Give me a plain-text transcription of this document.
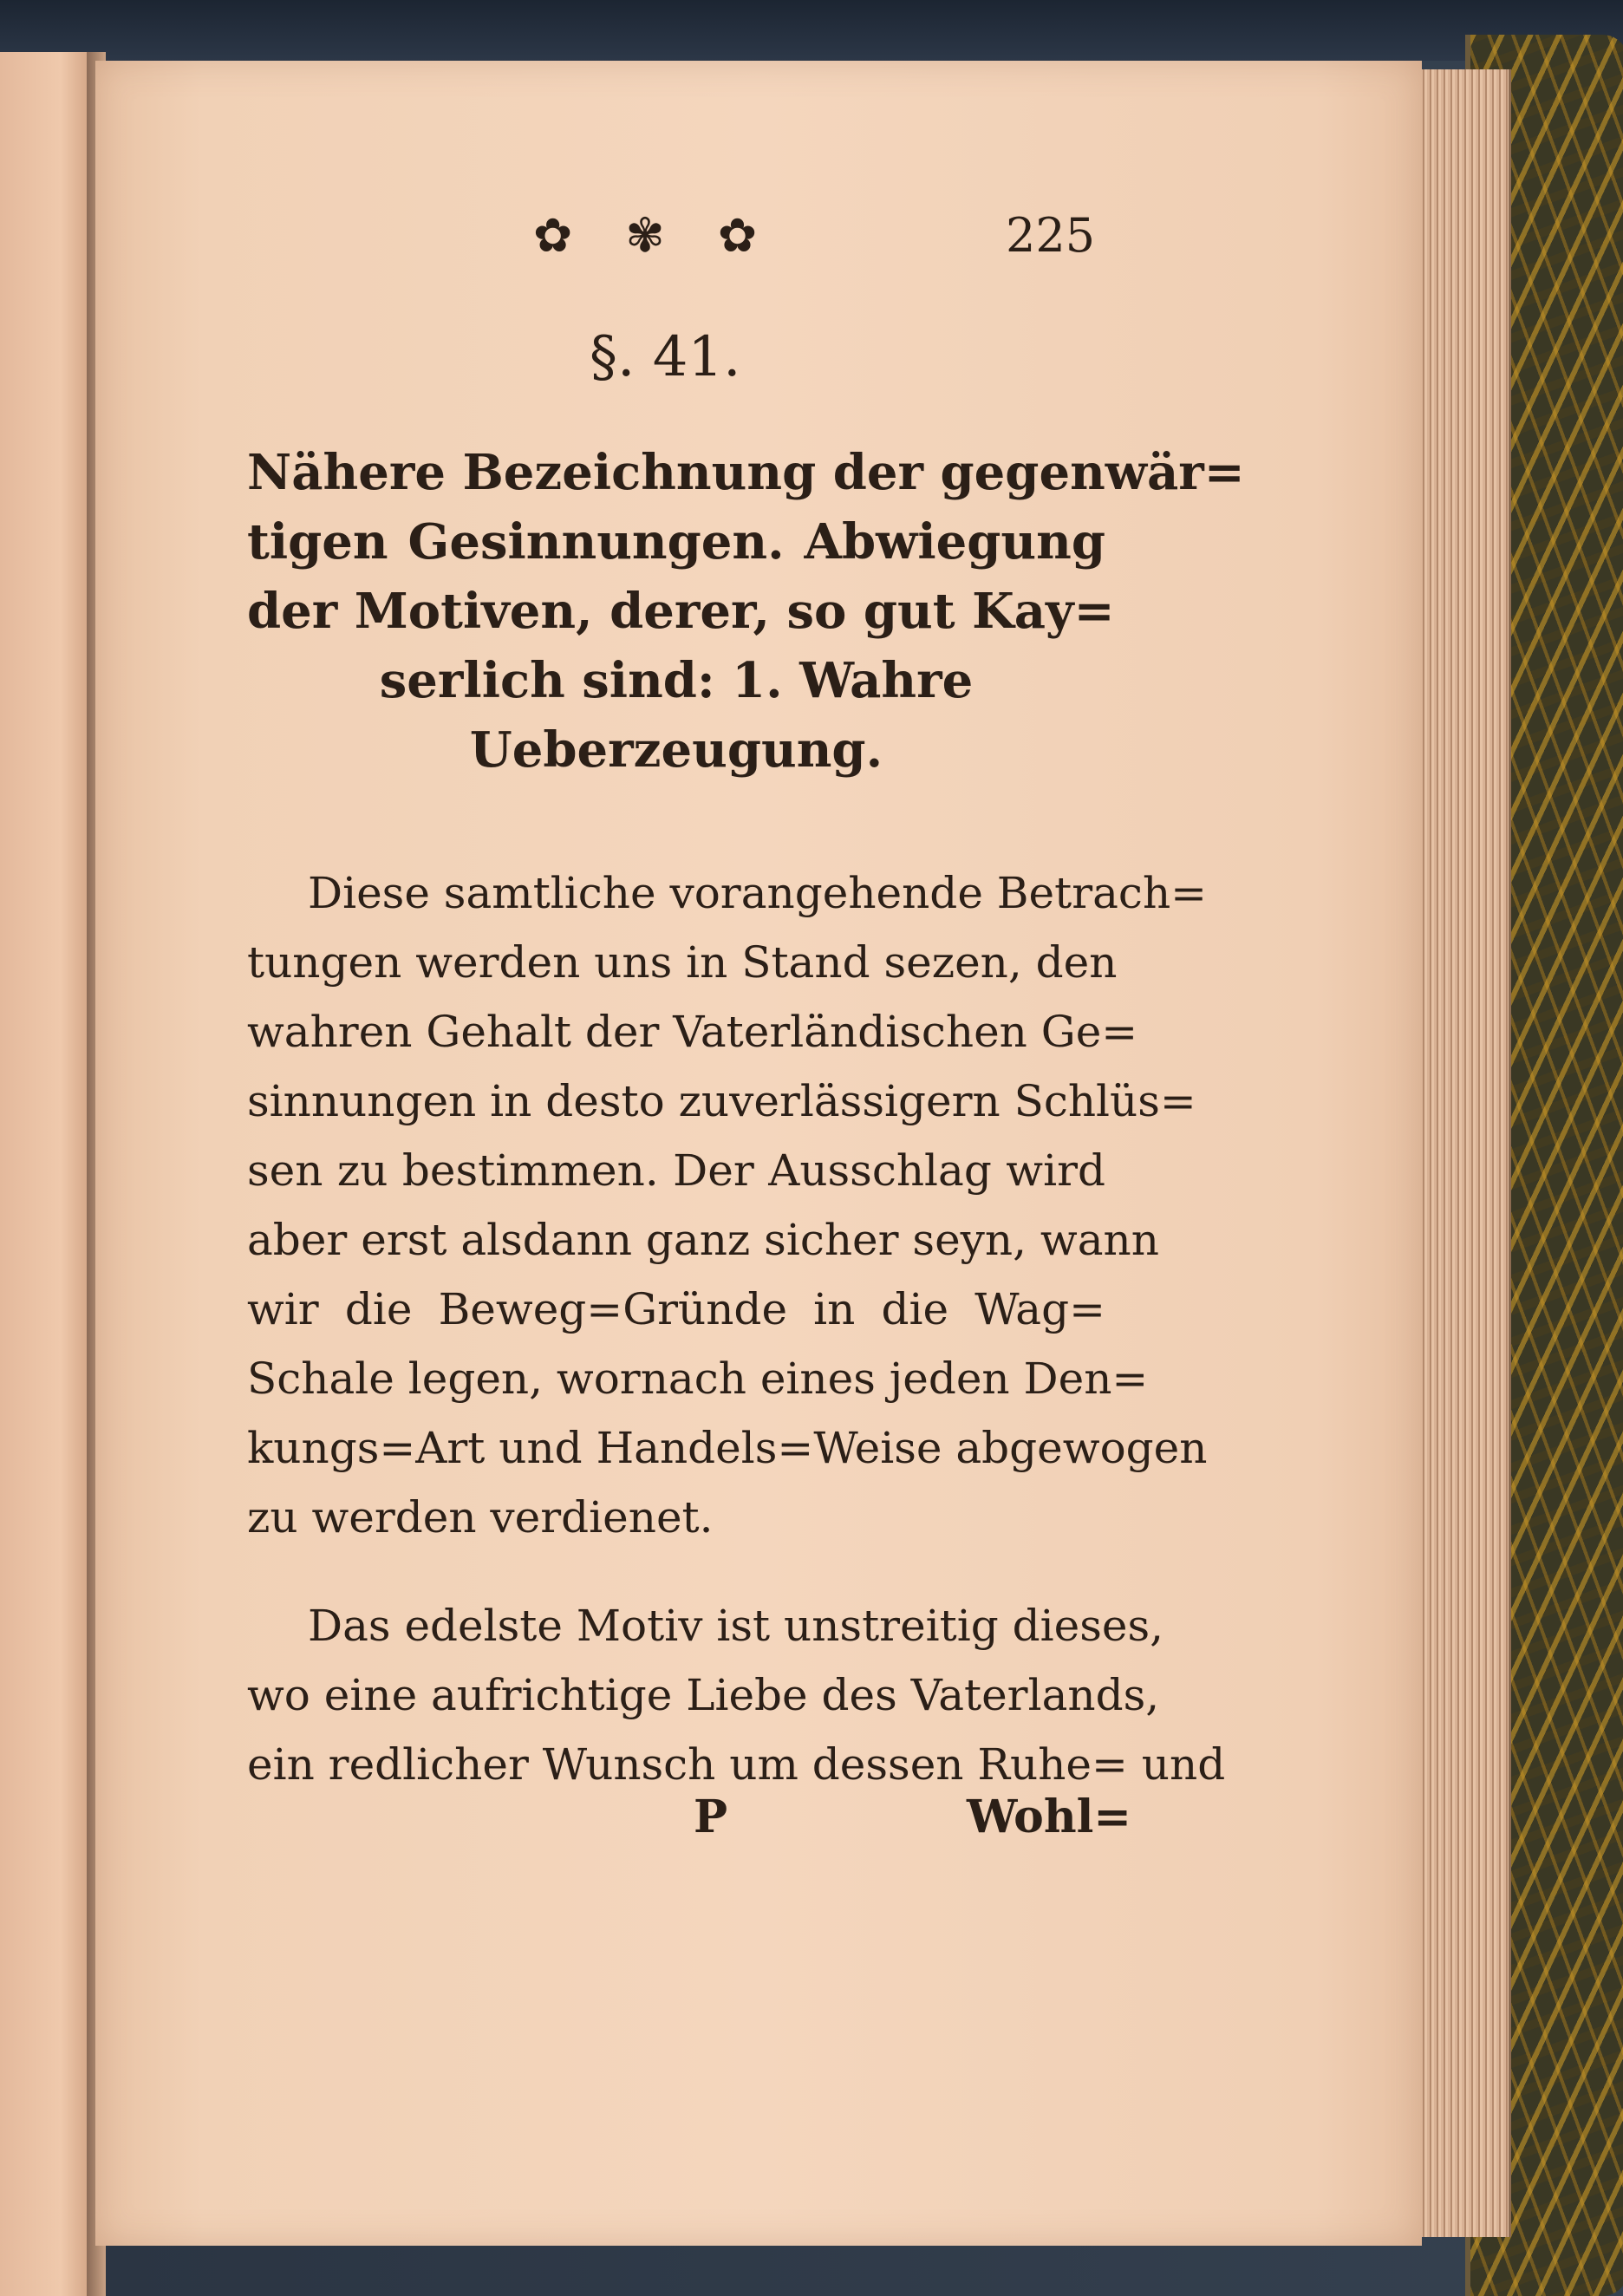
✿ ✾ ✿	225
§. 41.
Nähere Bezeichnung der gegenwär=
tigen Gesinnungen. Abwiegung
der Motiven, derer, so gut Kay=
serlich sind: 1. Wahre
Ueberzeugung.
Diese samtliche vorangehende Betrach=
tungen werden uns in Stand sezen, den
wahren Gehalt der Vaterländischen Ge=
sinnungen in desto zuverlässigern Schlüs=
sen zu bestimmen. Der Ausschlag wird
aber erst alsdann ganz sicher seyn, wann
wir die Beweg=Gründe in die Wag=
Schale legen, wornach eines jeden Den=
kungs=Art und Handels=Weise abgewogen
zu werden verdienet.
Das edelste Motiv ist unstreitig dieses,
wo eine aufrichtige Liebe des Vaterlands,
ein redlicher Wunsch um dessen Ruhe= und
P	Wohl=
